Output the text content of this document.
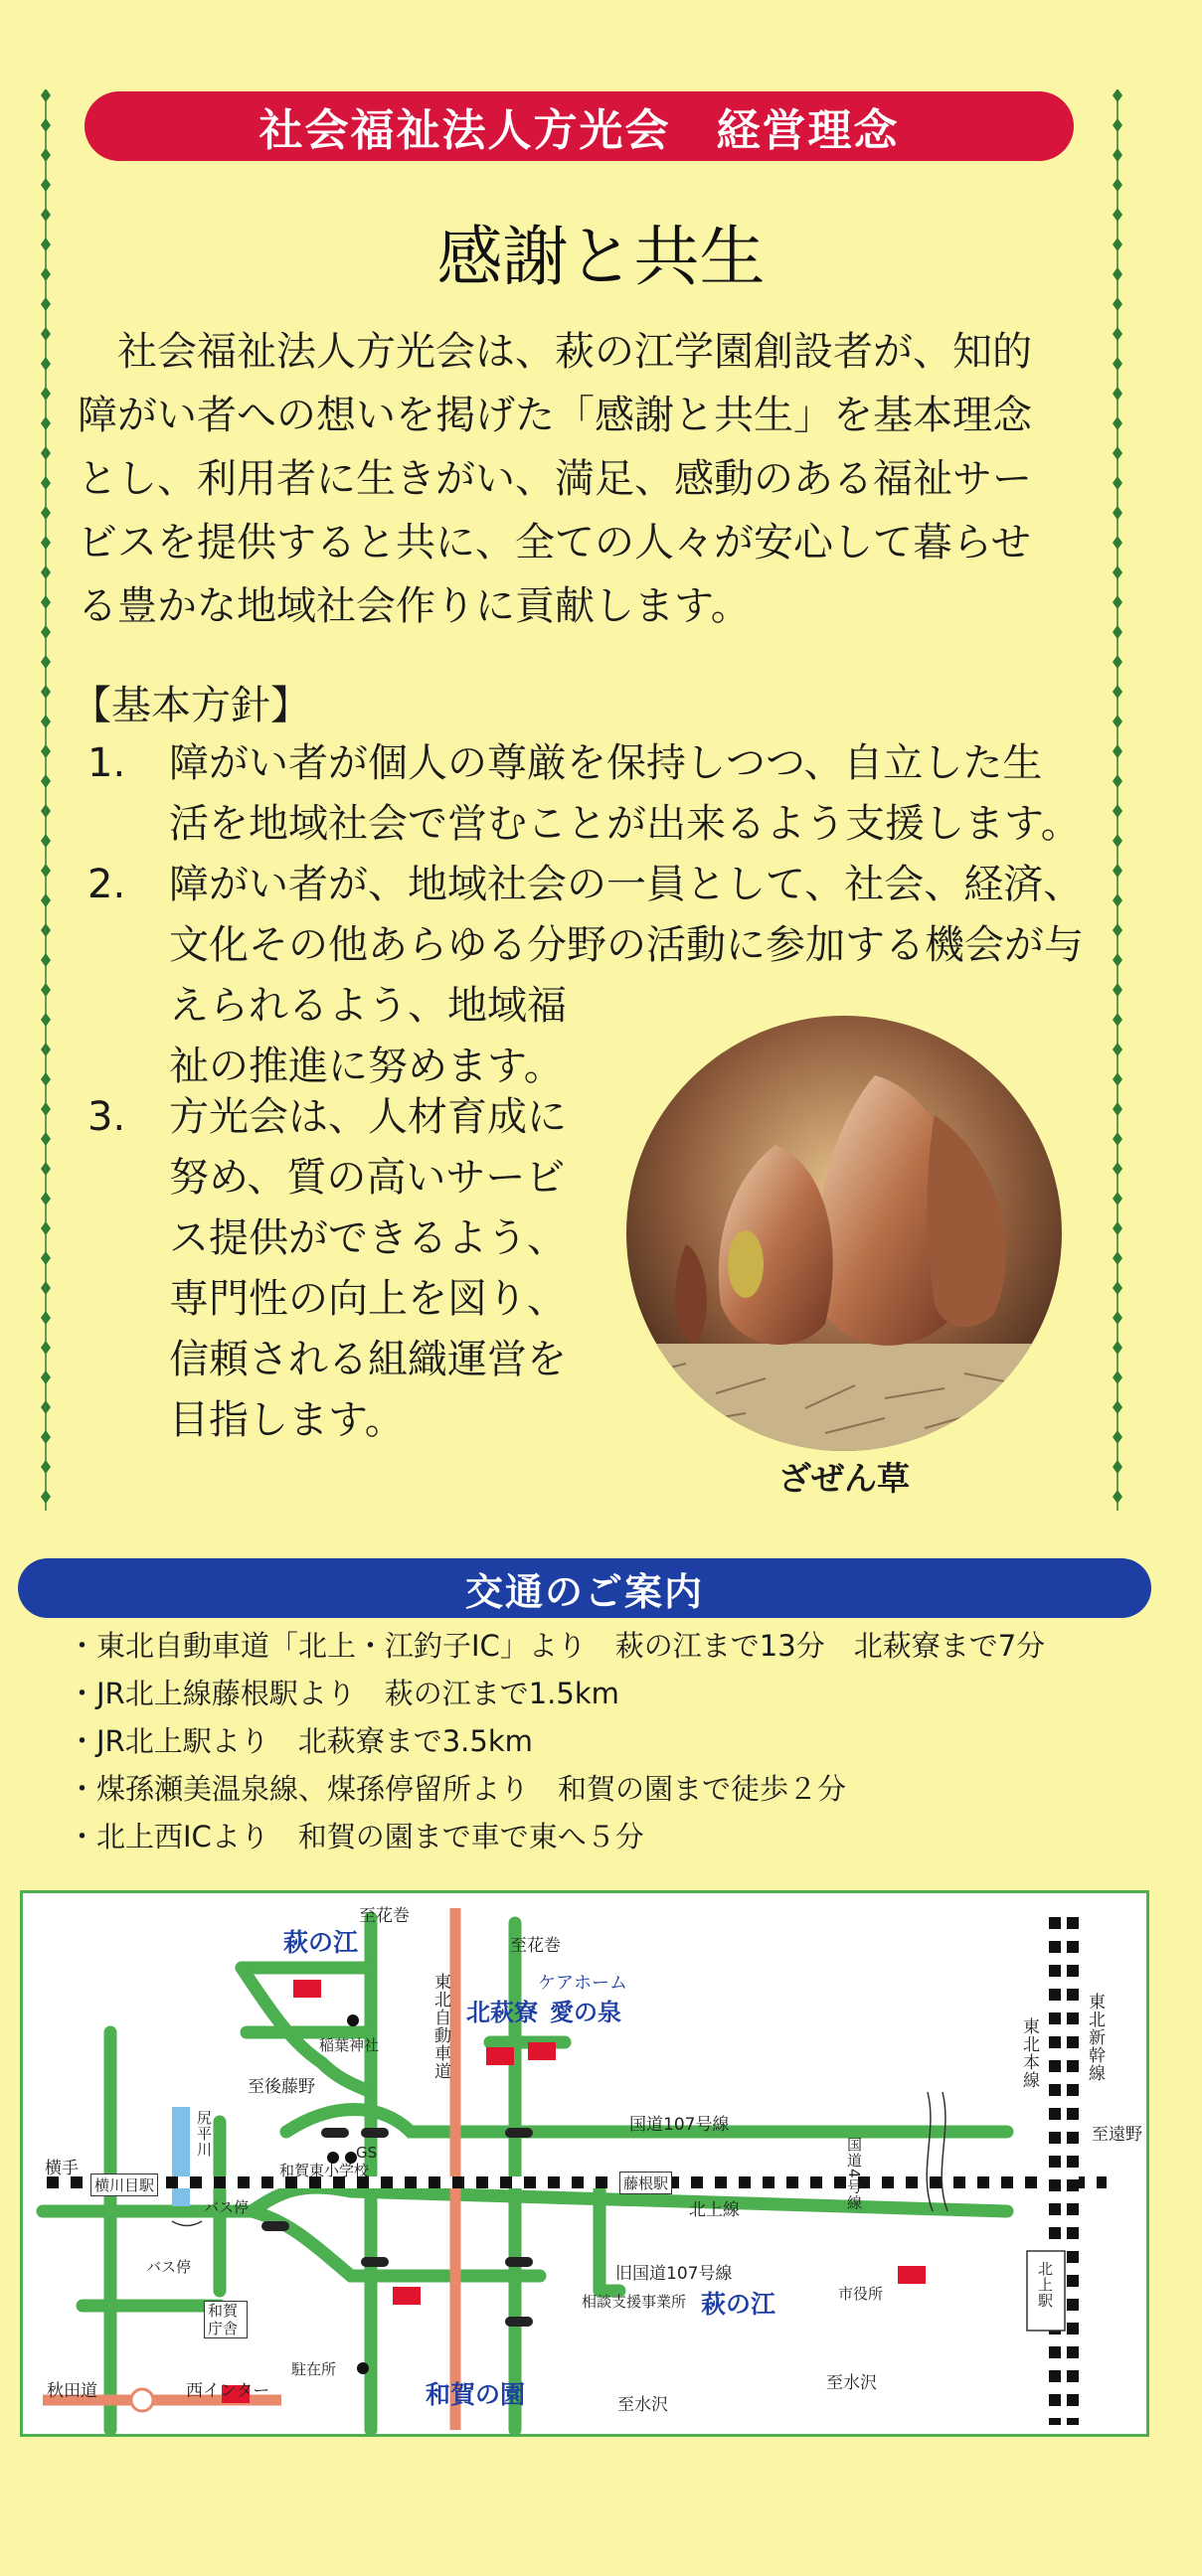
社会福祉法人方光会　経営理念
感謝と共生

　社会福祉法人方光会は、萩の江学園創設者が、知的

障がい者への想いを掲げた「感謝と共生」を基本理念

とし、利用者に生きがい、満足、感動のある福祉サー

ビスを提供すると共に、全ての人々が安心して暮らせ

る豊かな地域社会作りに貢献します。

【基本方針】
1. 障がい者が個人の尊厳を保持しつつ、自立した生
活を地域社会で営むことが出来るよう支援します。
2. 障がい者が、地域社会の一員として、社会、経済、
文化その他あらゆる分野の活動に参加する機会が与
えられるよう、地域福
祉の推進に努めます。
3. 方光会は、人材育成に
努め、質の高いサービ
ス提供ができるよう、
専門性の向上を図り、
信頼される組織運営を
目指します。
ざぜん草
交通のご案内
・東北自動車道「北上・江釣子IC」より　萩の江まで13分　北萩寮まで7分
・JR北上線藤根駅より　萩の江まで1.5km
・JR北上駅より　北萩寮まで3.5km
・煤孫瀬美温泉線、煤孫停留所より　和賀の園まで徒歩２分
・北上西ICより　和賀の園まで車で東へ５分
萩の江
至花巻
至花巻
稲葉神社
至後藤野
東北自動車道 北萩寮
ケアホーム
愛の泉	東北新幹線
東北本線
国道107号線	至遠野
横手
横川目駅
尻平川
和賀東小学校
GS
藤根駅
北上線	国道4号線
バス停
バス停	旧国道107号線
相談支援事業所 萩の江	市役所
和賀庁舎
北上駅
駐在所
和賀の園
秋田道	西インター
至水沢
至水沢
